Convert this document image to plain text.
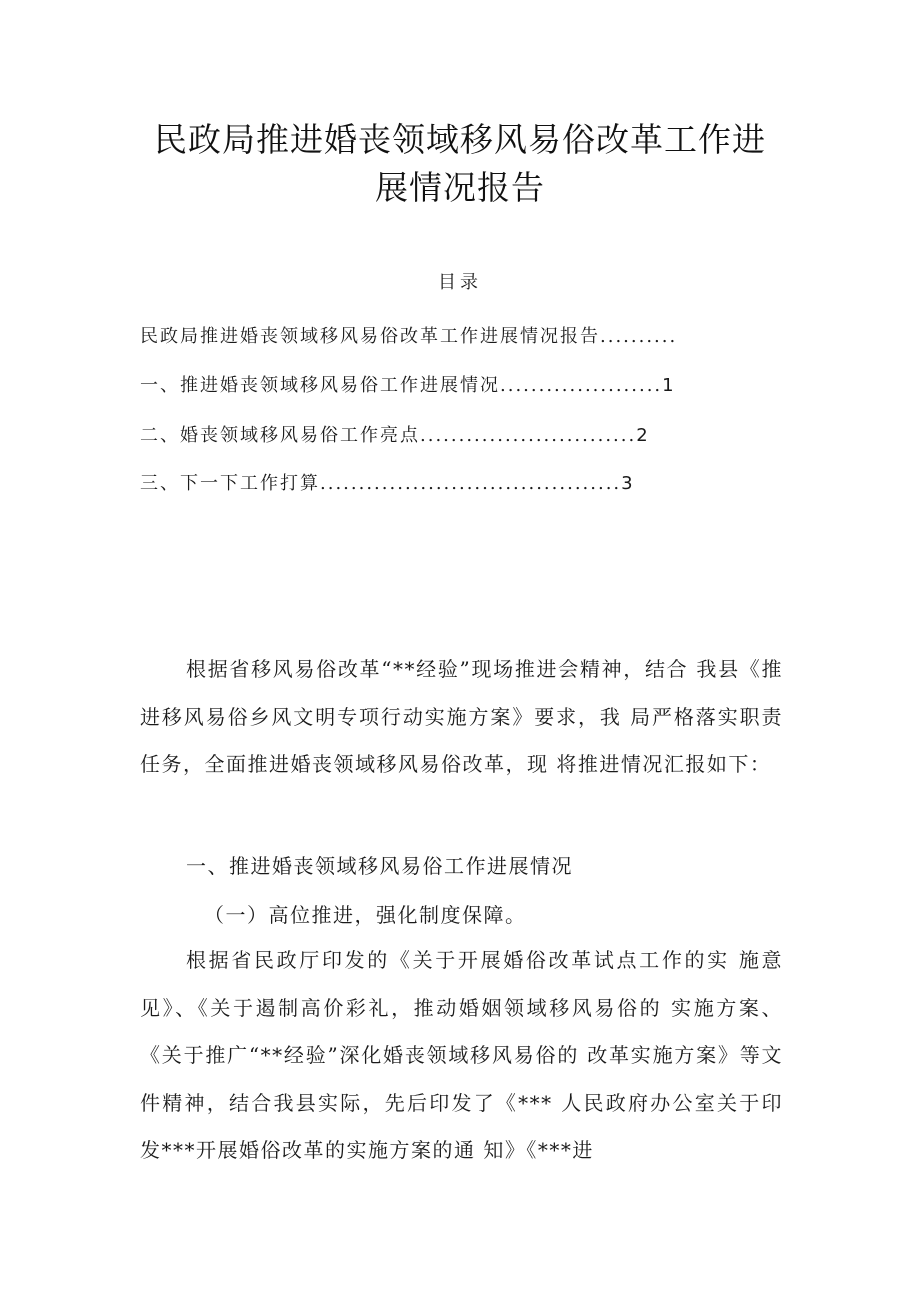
民政局推进婚丧领域移风易俗改革工作进
展情况报告
目录
民政局推进婚丧领域移风易俗改革工作进展情况报告..........
一、推进婚丧领域移风易俗工作进展情况.....................1
二、婚丧领域移风易俗工作亮点............................2
三、下一下工作打算.......................................3

根据省移风易俗改革“**经验”现场推进会精神，结合 我县《推进移风易俗乡风文明专项行动实施方案》要求，我 局严格落实职责任务，全面推进婚丧领域移风易俗改革，现 将推进情况汇报如下：

一、推进婚丧领域移风易俗工作进展情况
（一）高位推进，强化制度保障。

根据省民政厅印发的《关于开展婚俗改革试点工作的实 施意见》、《关于遏制高价彩礼，推动婚姻领域移风易俗的 实施方案、《关于推广“**经验”深化婚丧领域移风易俗的 改革实施方案》等文件精神，结合我县实际，先后印发了《*** 人民政府办公室关于印发***开展婚俗改革的实施方案的通 知》《***进
